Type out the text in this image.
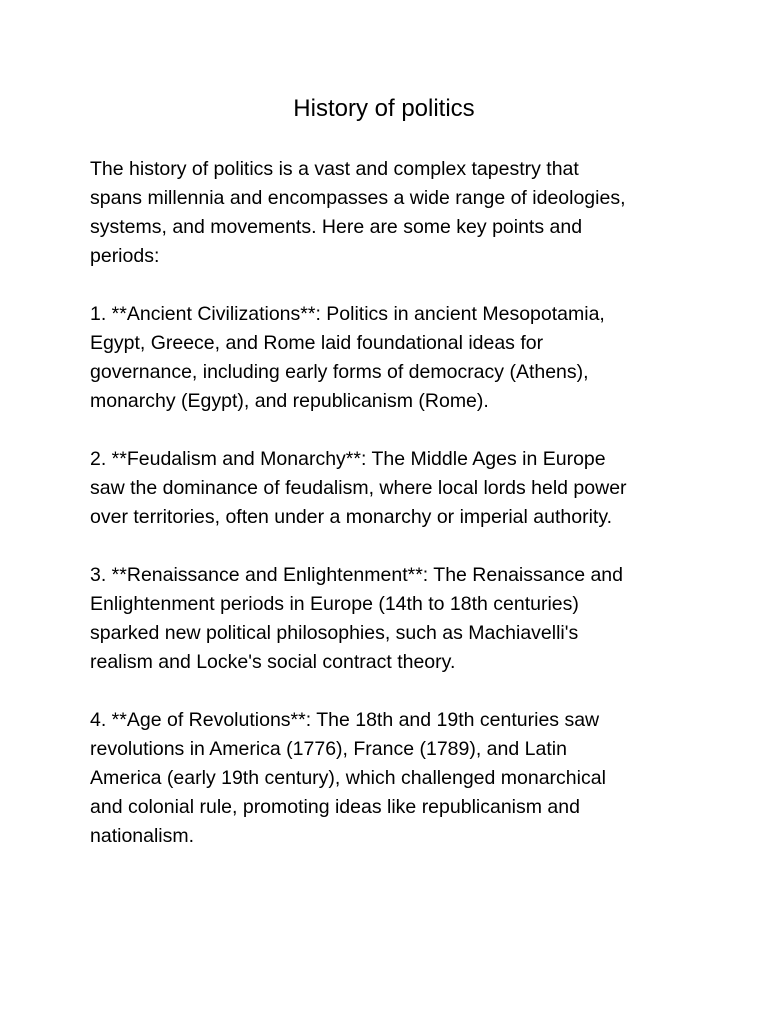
History of politics

The history of politics is a vast and complex tapestry that
spans millennia and encompasses a wide range of ideologies,
systems, and movements. Here are some key points and
periods:

1. **Ancient Civilizations**: Politics in ancient Mesopotamia,
Egypt, Greece, and Rome laid foundational ideas for
governance, including early forms of democracy (Athens),
monarchy (Egypt), and republicanism (Rome).

2. **Feudalism and Monarchy**: The Middle Ages in Europe
saw the dominance of feudalism, where local lords held power
over territories, often under a monarchy or imperial authority.

3. **Renaissance and Enlightenment**: The Renaissance and
Enlightenment periods in Europe (14th to 18th centuries)
sparked new political philosophies, such as Machiavelli's
realism and Locke's social contract theory.

4. **Age of Revolutions**: The 18th and 19th centuries saw
revolutions in America (1776), France (1789), and Latin
America (early 19th century), which challenged monarchical
and colonial rule, promoting ideas like republicanism and
nationalism.
